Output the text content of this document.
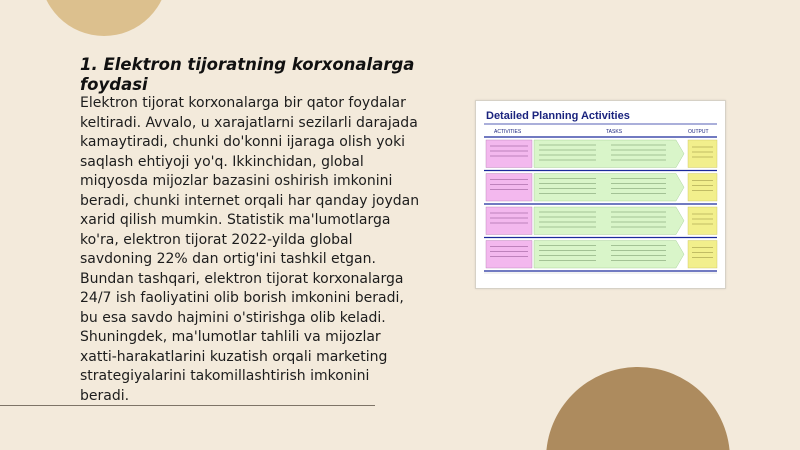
1. Elektron tijoratning korxonalarga foydasi

Elektron tijorat korxonalarga bir qator foydalar keltiradi. Avvalo, u xarajatlarni sezilarli darajada kamaytiradi, chunki do'konni ijaraga olish yoki saqlash ehtiyoji yo'q. Ikkinchidan, global miqyosda mijozlar bazasini oshirish imkonini beradi, chunki internet orqali har qanday joydan xarid qilish mumkin. Statistik ma'lumotlarga ko'ra, elektron tijorat 2022-yilda global savdoning 22% dan ortig'ini tashkil etgan. Bundan tashqari, elektron tijorat korxonalarga 24/7 ish faoliyatini olib borish imkonini beradi, bu esa savdo hajmini o'stirishga olib keladi. Shuningdek, ma'lumotlar tahlili va mijozlar xatti-harakatlarini kuzatish orqali marketing strategiyalarini takomillashtirish imkonini beradi.

Detailed Planning Activities
ACTIVITIES	TASKS	OUTPUT
